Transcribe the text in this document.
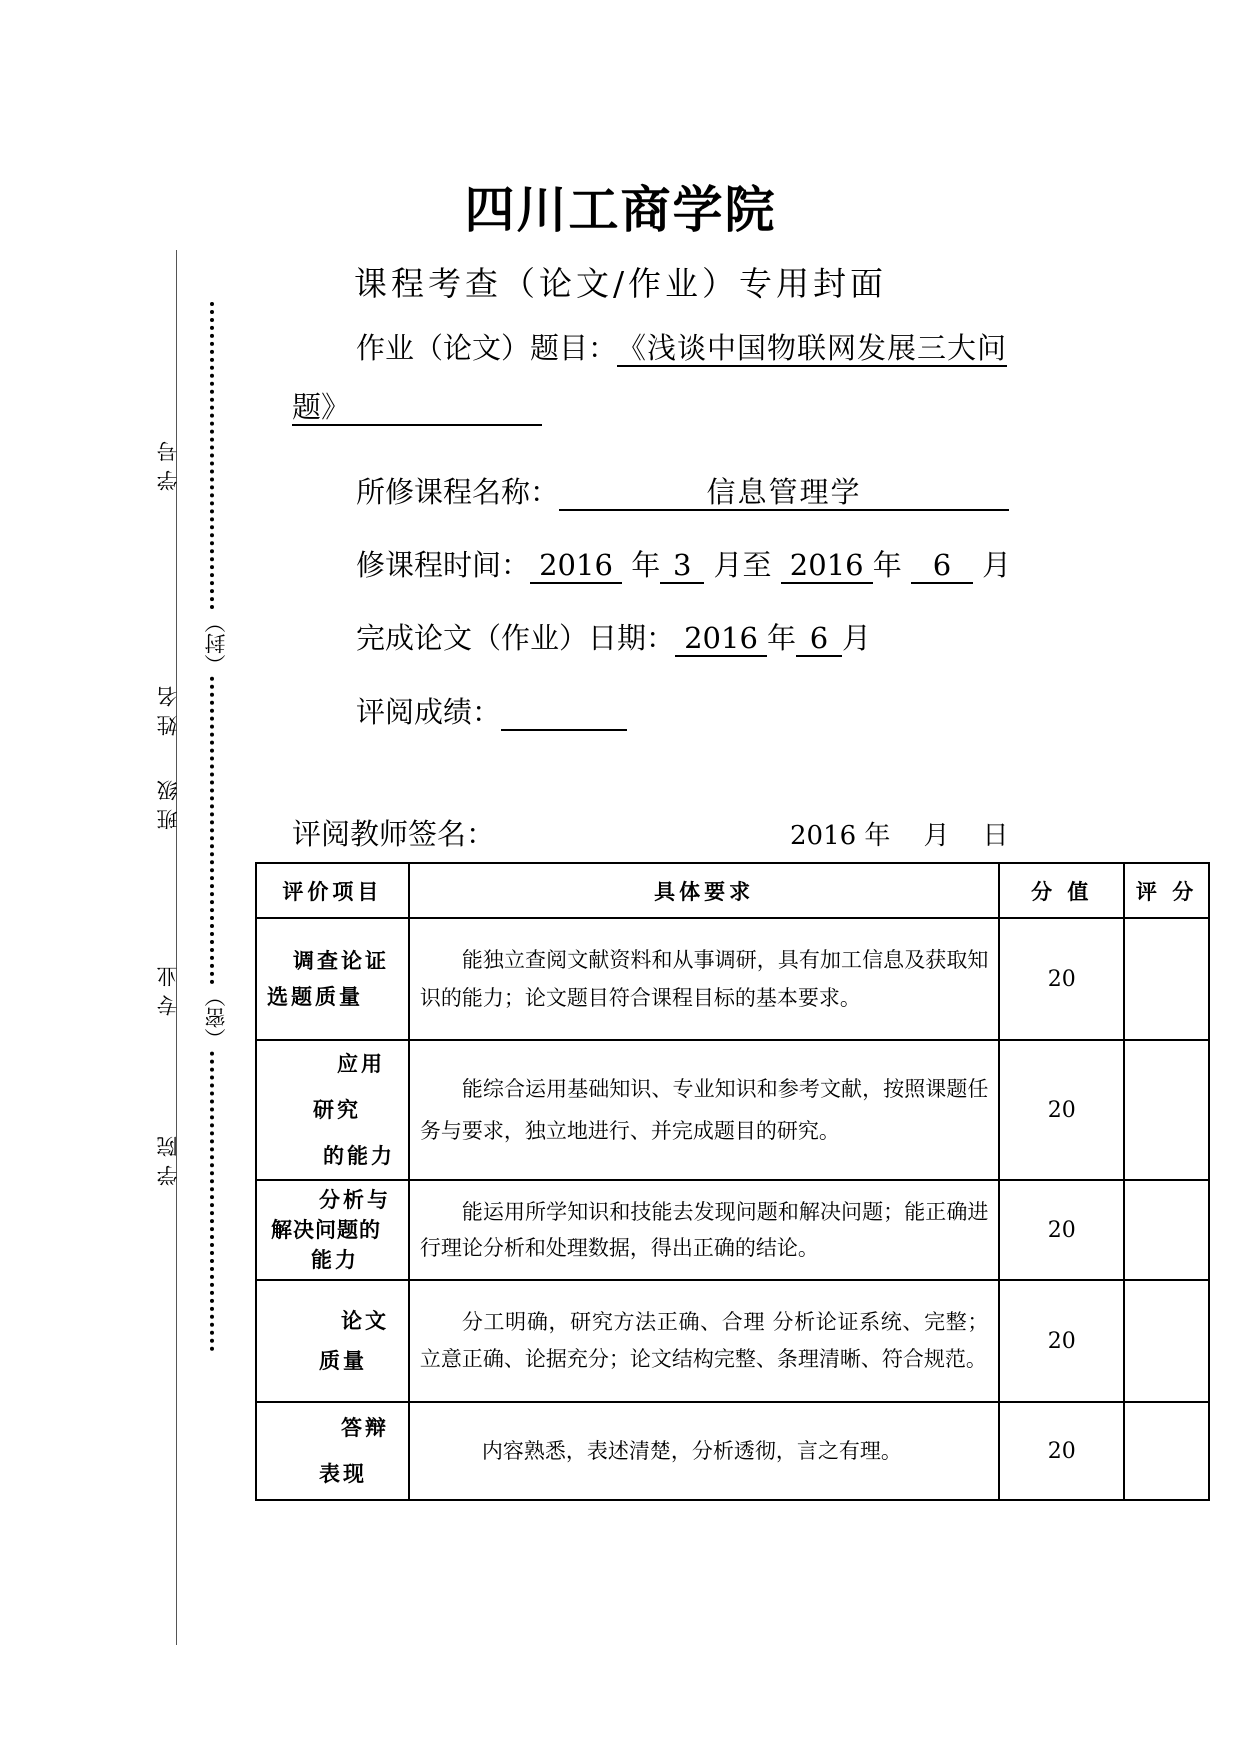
学号
姓名
班级
专业
学院
（封）
（密）
四川工商学院
课程考查（论文/作业）专用封面
作业（论文）题目：《浅谈中国物联网发展三大问
题》
所修课程名称：	信息管理学
修课程时间： 2016 年 3 月至 2016 年 6 月
完成论文（作业）日期： 2016 年 6 月
评阅成绩：
评阅教师签名：	2016 年    月    日
评价项目	具体要求	分 值	评 分

调查论证
选题质量	能独立查阅文献资料和从事调研，具有加工信息及获取知识的能力；论文题目符合课程目标的基本要求。	20	

应用
研究
的能力	能综合运用基础知识、专业知识和参考文献，按照课题任务与要求，独立地进行、并完成题目的研究。	20	

分析与
解决问题的
能力	能运用所学知识和技能去发现问题和解决问题；能正确进行理论分析和处理数据，得出正确的结论。	20	

论文
质量	分工明确，研究方法正确、合理 分析论证系统、完整；立意正确、论据充分；论文结构完整、条理清晰、符合规范。	20	

答辩
表现	内容熟悉，表述清楚，分析透彻，言之有理。	20	
